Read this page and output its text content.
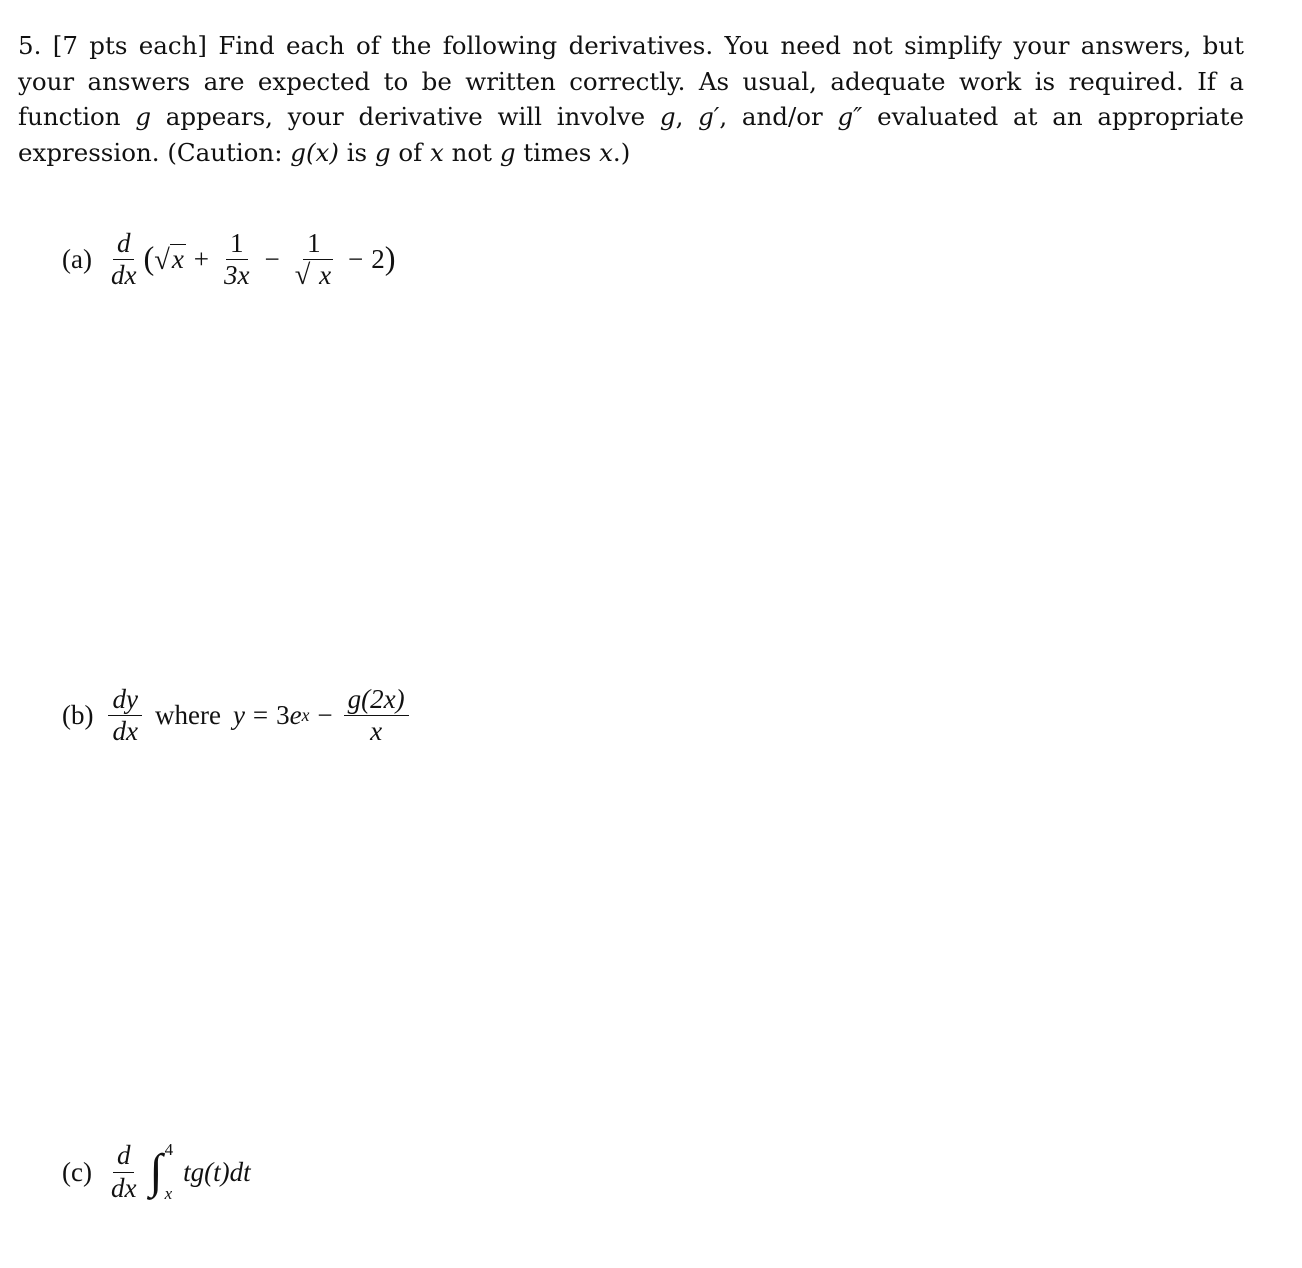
5. [7 pts each] Find each of the following derivatives. You need not simplify your answers, but your answers are expected to be written correctly. As usual, adequate work is required. If a function g appears, your derivative will involve g, g′, and/or g″ evaluated at an appropriate expression. (Caution: g(x) is g of x not g times x.)
$(a) \frac{d}{dx}$ ( √ $x + \frac{1}{3x} - \frac{1}{√ x} - 2$ )
$(b) \frac{dy}{dx}$ where y = 3 e $x - \frac{g(2x)}{x}$
$(c) \frac{d}{dx}$ ∫ 4
x
tg(t)dt
